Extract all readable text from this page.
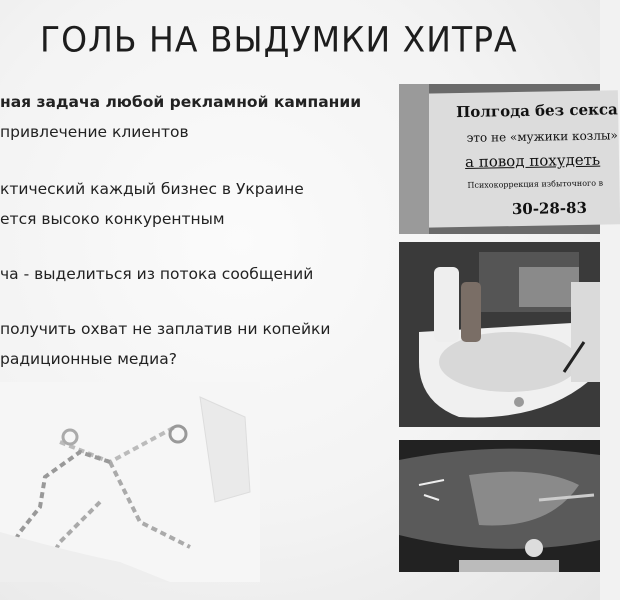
ГОЛЬ НА ВЫДУМКИ ХИТРА
ная задача любой рекламной кампании
привлечение клиентов
ктический каждый бизнес в Украине
ется высоко конкурентным
ча - выделиться из потока сообщений
получить охват не заплатив ни копейки
радиционные медиа?
Полгода без секса
это не «мужики козлы»
а повод похудеть
Психокоррекция избыточного в
30-28-83
